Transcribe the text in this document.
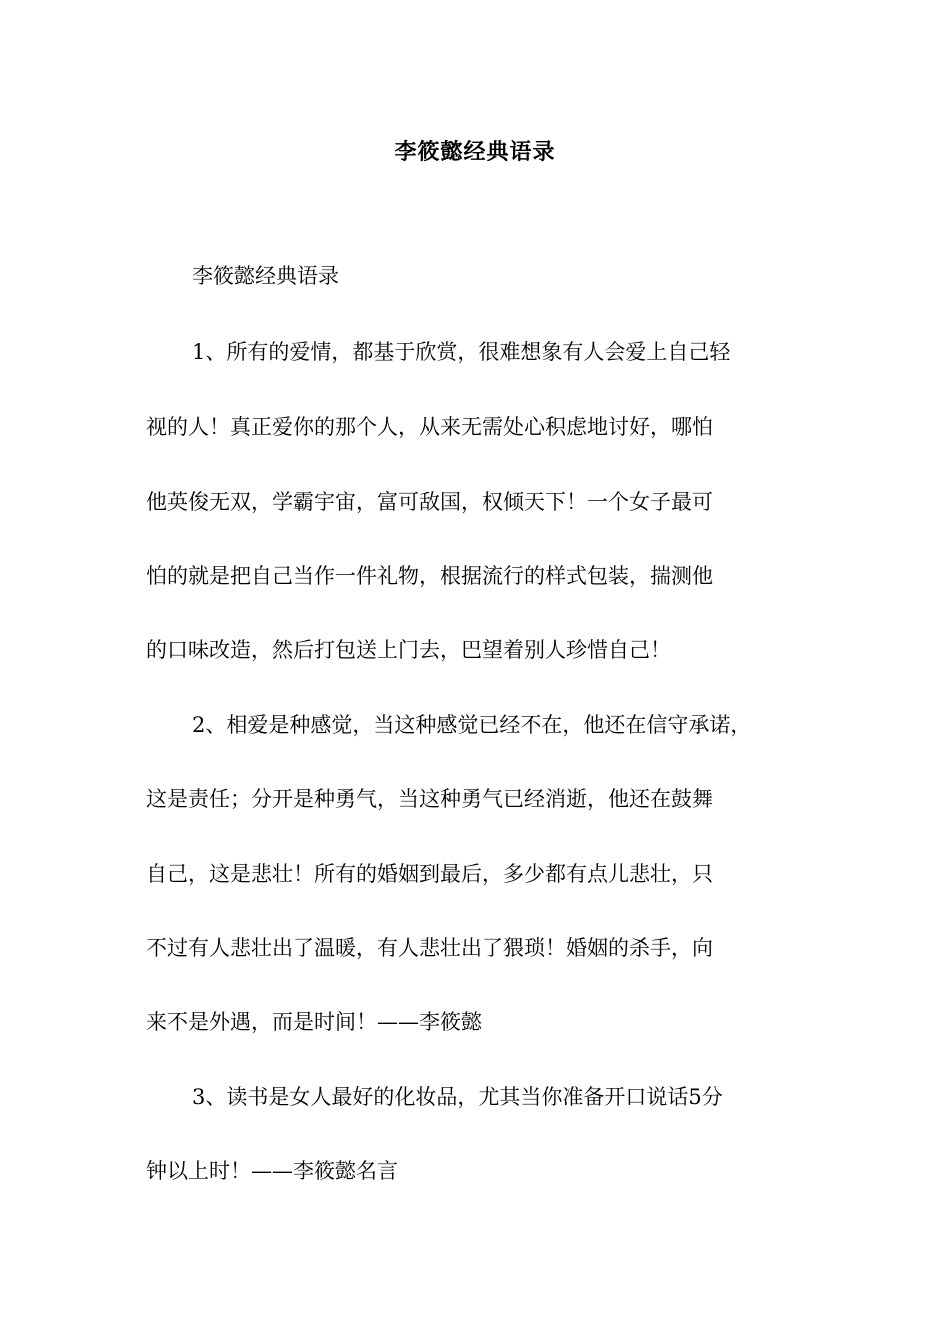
李筱懿经典语录
李筱懿经典语录
1、所有的爱情，都基于欣赏，很难想象有人会爱上自己轻
视的人！真正爱你的那个人，从来无需处心积虑地讨好，哪怕
他英俊无双，学霸宇宙，富可敌国，权倾天下！一个女子最可
怕的就是把自己当作一件礼物，根据流行的样式包装，揣测他
的口味改造，然后打包送上门去，巴望着别人珍惜自己！
2、相爱是种感觉，当这种感觉已经不在，他还在信守承诺，
这是责任；分开是种勇气，当这种勇气已经消逝，他还在鼓舞
自己，这是悲壮！所有的婚姻到最后，多少都有点儿悲壮，只
不过有人悲壮出了温暖，有人悲壮出了猥琐！婚姻的杀手，向
来不是外遇，而是时间！——李筱懿
3、读书是女人最好的化妆品，尤其当你准备开口说话5分
钟以上时！——李筱懿名言
